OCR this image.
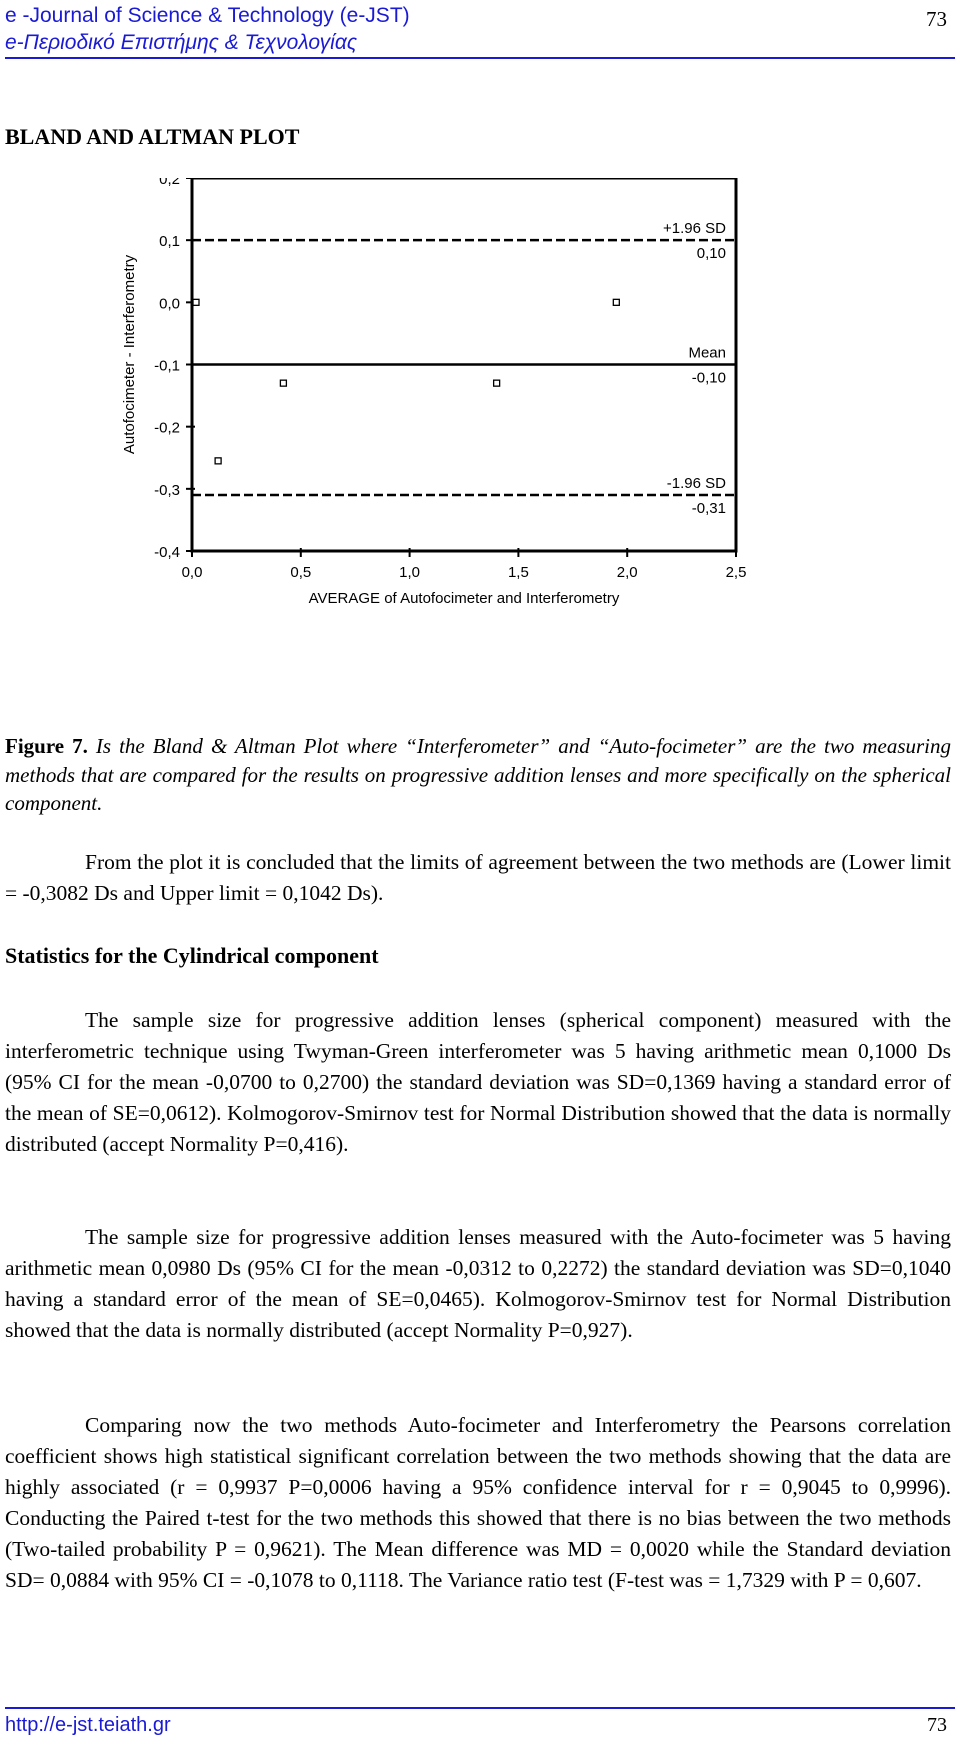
e -Journal of Science & Technology (e-JST)
e-Περιοδικό Επιστήμης & Τεχνολογίας
73
BLAND AND ALTMAN PLOT
0,2
0,1
0,0
-0,1
-0,2
-0,3
-0,4
0,0	0,5	1,0	1,5	2,0	2,5
+1.96 SD
0,10
Mean
-0,10
-1.96 SD
-0,31
AVERAGE of Autofocimeter and Interferometry
Autofocimeter - Interferometry
Figure 7. Is the Bland & Altman Plot where “Interferometer” and “Auto-focimeter” are the two measuring methods that are compared for the results on progressive addition lenses and more specifically on the spherical component.
From the plot it is concluded that the limits of agreement between the two methods are (Lower limit = -0,3082 Ds and Upper limit = 0,1042 Ds).
Statistics for the Cylindrical component
The sample size for progressive addition lenses (spherical component) measured with the interferometric technique using Twyman-Green interferometer was 5 having arithmetic mean 0,1000 Ds (95% CI for the mean -0,0700 to 0,2700) the standard deviation was SD=0,1369 having a standard error of the mean of SE=0,0612). Kolmogorov-Smirnov test for Normal Distribution showed that the data is normally distributed (accept Normality P=0,416).
The sample size for progressive addition lenses measured with the Auto-focimeter was 5 having arithmetic mean 0,0980 Ds (95% CI for the mean -0,0312 to 0,2272) the standard deviation was SD=0,1040 having a standard error of the mean of SE=0,0465). Kolmogorov-Smirnov test for Normal Distribution showed that the data is normally distributed (accept Normality P=0,927).
Comparing now the two methods Auto-focimeter and Interferometry the Pearsons correlation coefficient shows high statistical significant correlation between the two methods showing that the data are highly associated (r = 0,9937 P=0,0006 having a 95% confidence interval for r = 0,9045 to 0,9996). Conducting the Paired t-test for the two methods this showed that there is no bias between the two methods (Two-tailed probability P = 0,9621). The Mean difference was MD = 0,0020 while the Standard deviation SD= 0,0884 with 95% CI = -0,1078 to 0,1118. The Variance ratio test (F-test was = 1,7329 with P = 0,607.
http://e-jst.teiath.gr	73
